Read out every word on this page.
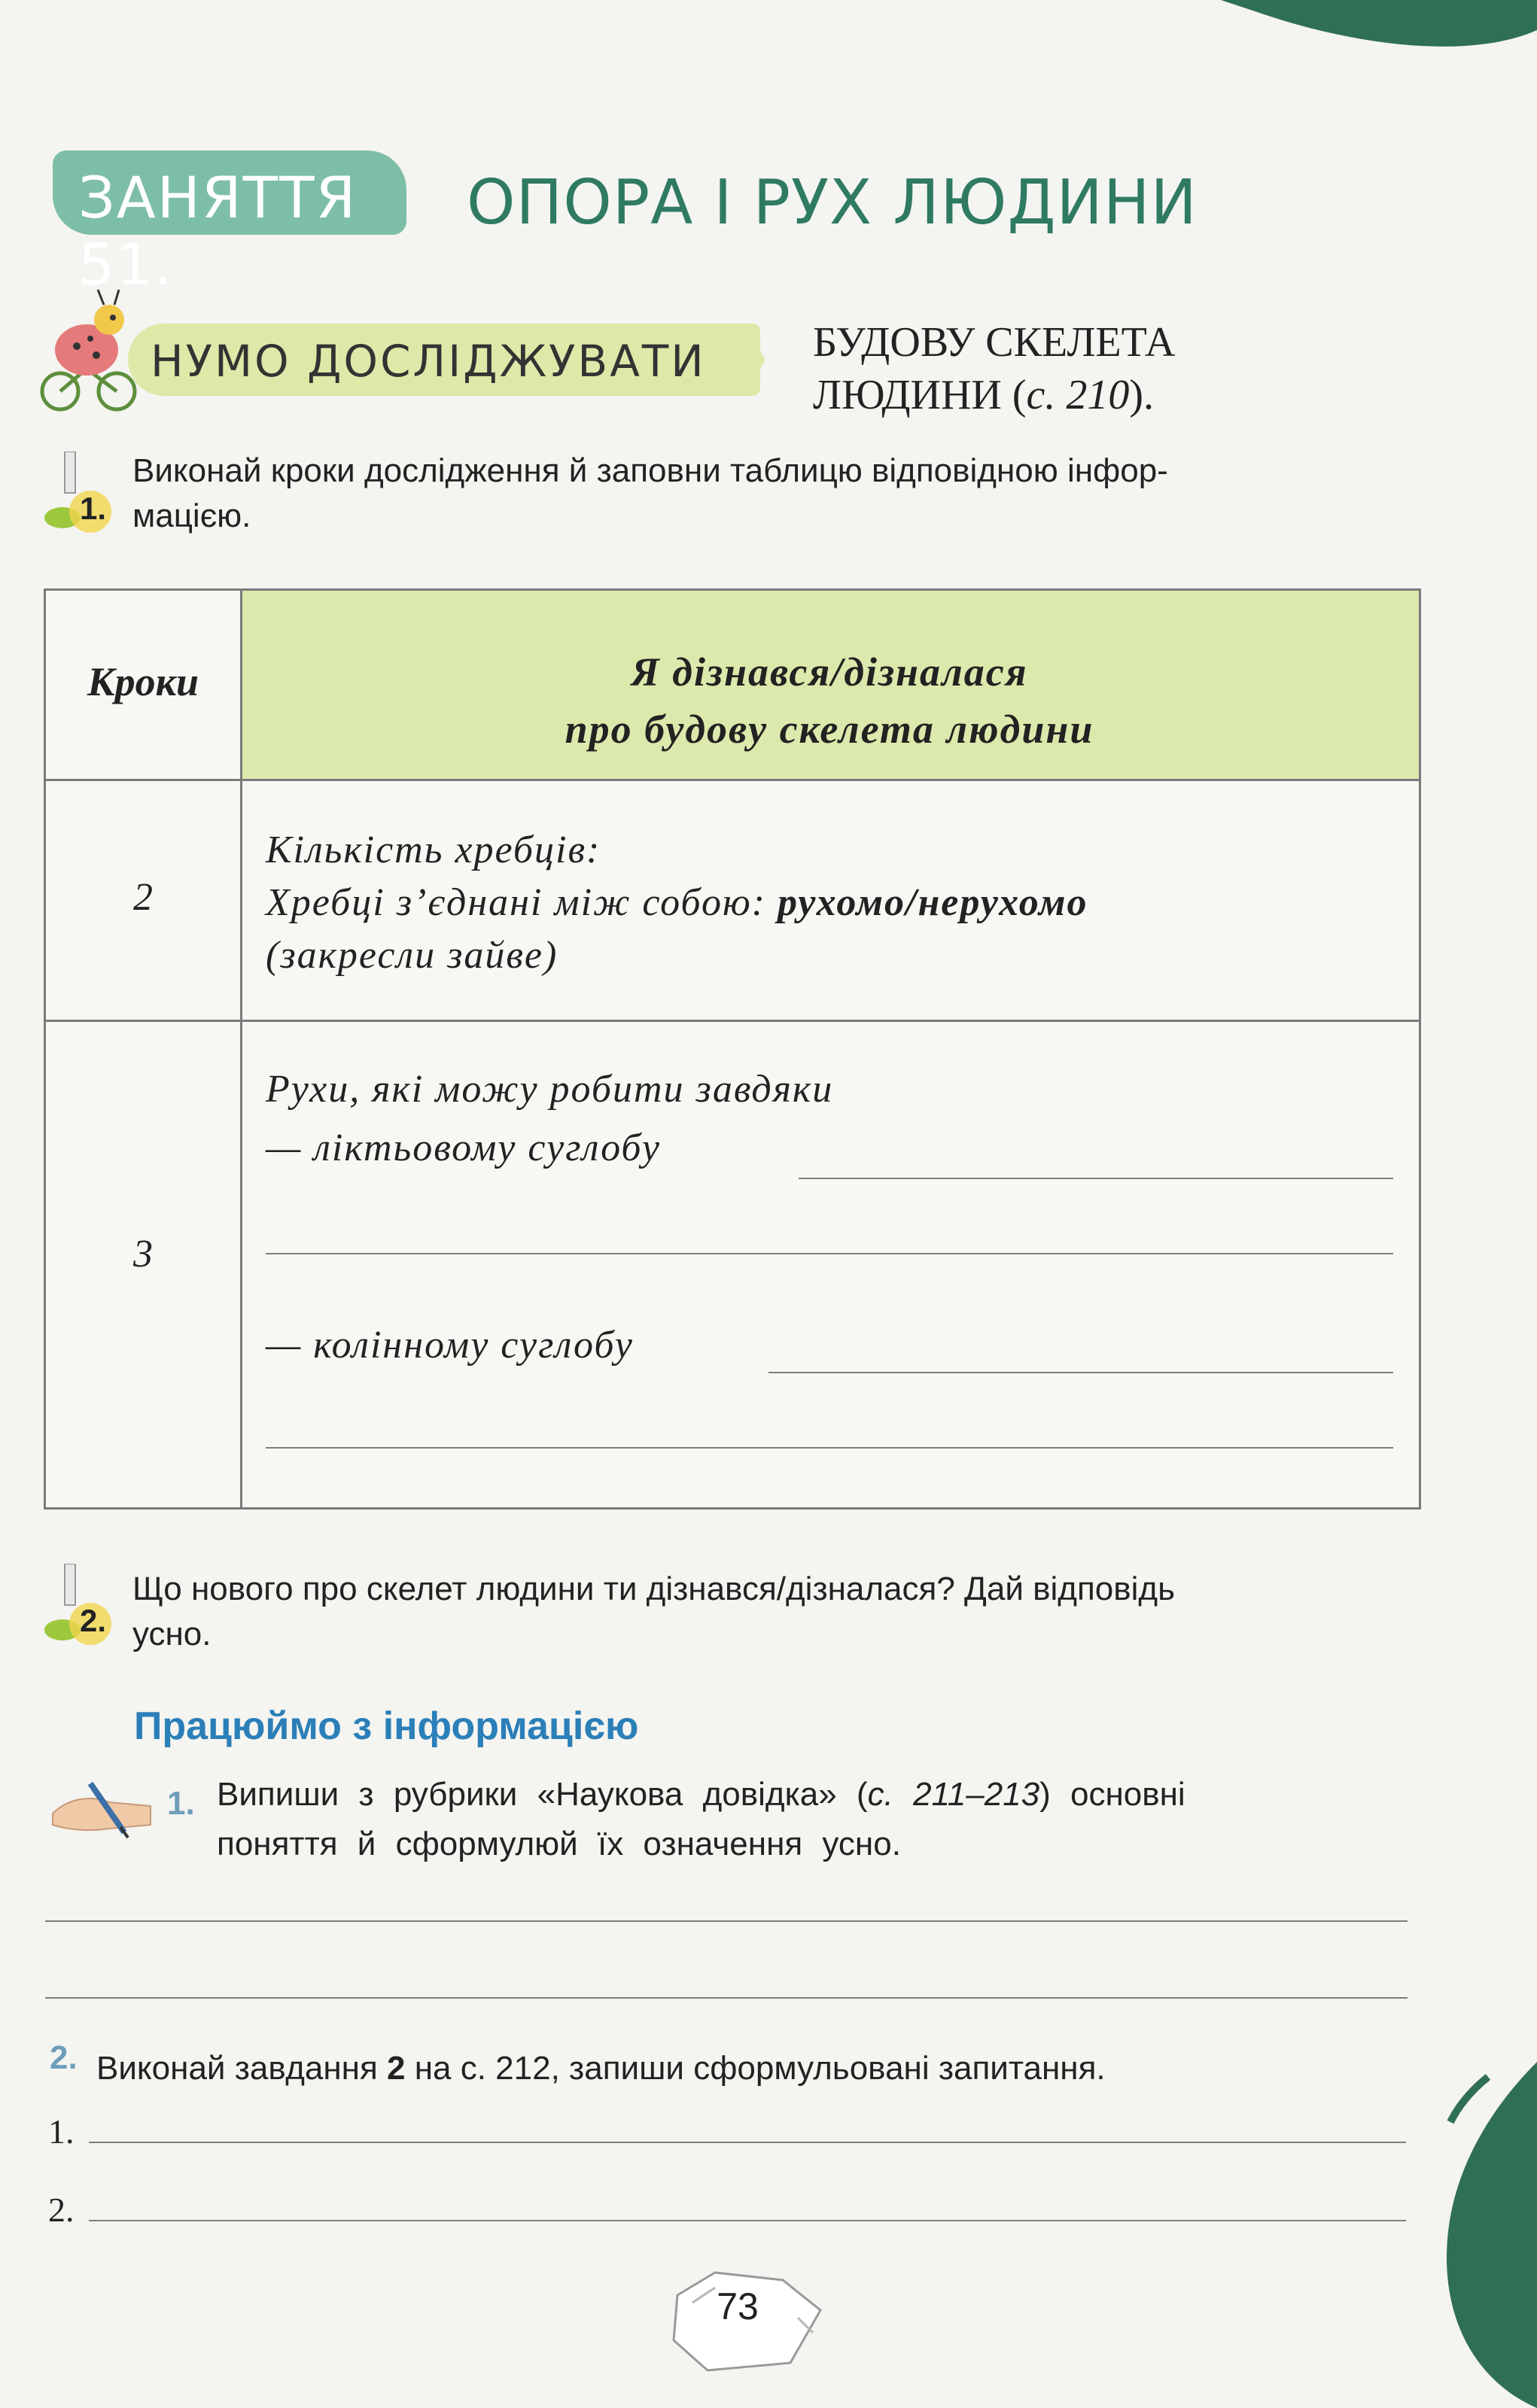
ЗАНЯТТЯ 51.
ОПОРА І РУХ ЛЮДИНИ
НУМО ДОСЛІДЖУВАТИ	БУДОВУ СКЕЛЕТА
ЛЮДИНИ (с. 210).
1.
Виконай кроки дослідження й заповни таблицю відповідною інфор-
мацією.
Кроки	Я дізнався/дізналася
про будову скелета людини
2
Кількість хребців:
Хребці з’єднані між собою: рухомо/нерухомо
(закресли зайве)
3
Рухи, які можу робити завдяки
— ліктьовому суглобу
— колінному суглобу
2.
Що нового про скелет людини ти дізнався/дізналася? Дай відповідь
усно.
Працюймо з інформацією
1. Випиши з рубрики «Наукова довідка» (с. 211–213) основні
поняття й сформулюй їх означення усно.
2. Виконай завдання 2 на с. 212, запиши сформульовані запитання.
1.
2.
73
